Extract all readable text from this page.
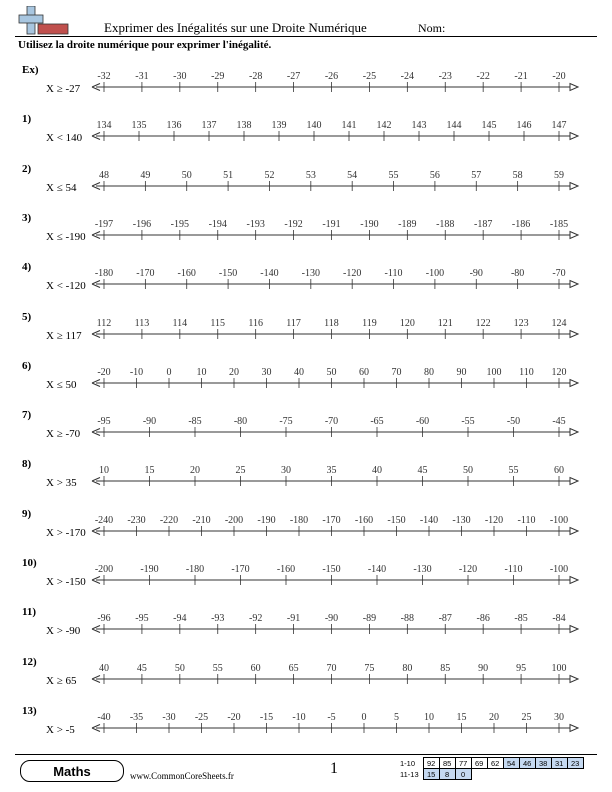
Exprimer des Inégalités sur une Droite Numérique	Nom:
Utilisez la droite numérique pour exprimer l'inégalité.
Ex)
X ≥ -27
-32 -31 -30 -29 -28 -27 -26 -25 -24 -23 -22 -21 -20
1)
X < 140
134 135 136 137 138 139 140 141 142 143 144 145 146 147
2)
X ≤ 54
48	49	50	51	52	53	54	55	56	57	58	59
3)
X ≤ -190
-197 -196 -195 -194 -193 -192 -191 -190 -189 -188 -187 -186 -185
4)
X < -120
-180 -170 -160 -150 -140 -130 -120 -110 -100	-90	-80	-70
5)
X ≥ 117
112 113 114 115 116 117 118 119 120 121 122 123 124
6)
X ≤ 50
-20 -10 0	10 20 30 40 50 60 70 80 90 100 110 120
7)
X ≥ -70
-95	-90	-85	-80	-75	-70	-65	-60	-55	-50	-45
8)
X > 35
10	15	20	25	30	35	40	45	50	55	60
9)
X > -170
-240 -230 -220 -210 -200 -190 -180 -170 -160 -150 -140 -130 -120 -110 -100
10)
X > -150
-200	-190	-180	-170	-160	-150	-140	-130	-120	-110	-100
11)
X > -90
-96 -95 -94 -93 -92 -91 -90 -89 -88 -87 -86 -85 -84
12)
X ≥ 65
40	45	50	55	60	65	70	75	80	85	90	95	100
13)
X > -5
-40 -35 -30 -25 -20 -15 -10 -5	0	5	10 15 20 25 30
Maths	www.CommonCoreSheets.fr	1	1-10	92	85	77	69	62	54	46	38	31	23
11-13	15	8	0							
